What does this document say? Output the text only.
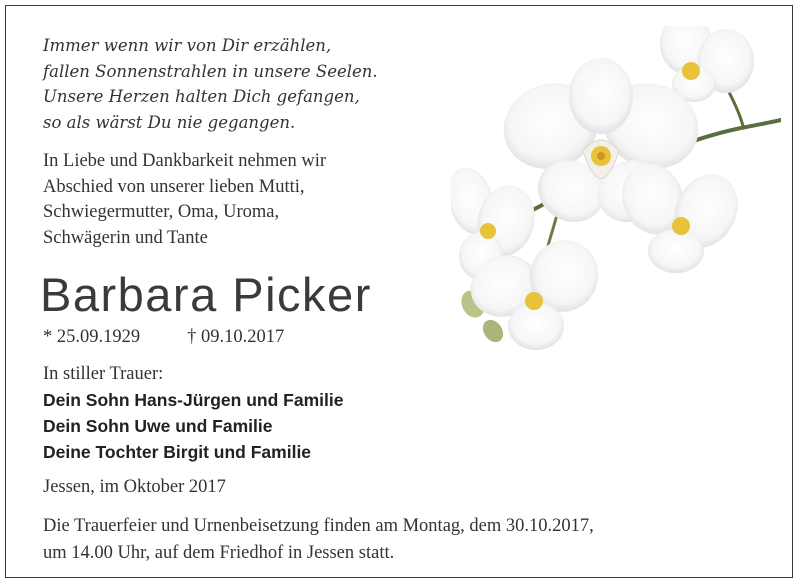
Immer wenn wir von Dir erzählen,
fallen Sonnenstrahlen in unsere Seelen.
Unsere Herzen halten Dich gefangen,
so als wärst Du nie gegangen.
In Liebe und Dankbarkeit nehmen wir
Abschied von unserer lieben Mutti,
Schwiegermutter, Oma, Uroma,
Schwägerin und Tante
Barbara Picker
* 25.09.1929	† 09.10.2017
In stiller Trauer:
Dein Sohn Hans-Jürgen und Familie
Dein Sohn Uwe und Familie
Deine Tochter Birgit und Familie
Jessen, im Oktober 2017
Die Trauerfeier und Urnenbeisetzung finden am Montag, dem 30.10.2017,
um 14.00 Uhr, auf dem Friedhof in Jessen statt.
